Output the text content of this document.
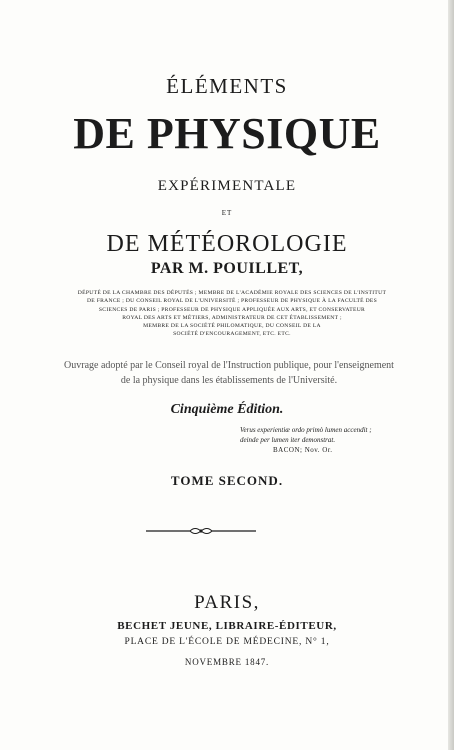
ÉLÉMENTS
DE PHYSIQUE
EXPÉRIMENTALE
ET
DE MÉTÉOROLOGIE
PAR M. POUILLET,
DÉPUTÉ DE LA CHAMBRE DES DÉPUTÉS ; MEMBRE DE L'ACADÉMIE ROYALE DES SCIENCES DE L'INSTITUT
DE FRANCE ; DU CONSEIL ROYAL DE L'UNIVERSITÉ ; PROFESSEUR DE PHYSIQUE À LA FACULTÉ DES
SCIENCES DE PARIS ; PROFESSEUR DE PHYSIQUE APPLIQUÉE AUX ARTS, ET CONSERVATEUR
ROYAL DES ARTS ET MÉTIERS, ADMINISTRATEUR DE CET ÉTABLISSEMENT ;
MEMBRE DE LA SOCIÉTÉ PHILOMATIQUE, DU CONSEIL DE LA
SOCIÉTÉ D'ENCOURAGEMENT, ETC. ETC.
Ouvrage adopté par le Conseil royal de l'Instruction publique, pour l'enseignement
de la physique dans les établissements de l'Université.
Cinquième Édition.
Verus experientiæ ordo primò lumen accendit ;
deinde per lumen iter demonstrat.
BACON; Nov. Or.
TOME SECOND.
PARIS,
BECHET JEUNE, LIBRAIRE-ÉDITEUR,
PLACE DE L'ÉCOLE DE MÉDECINE, N° 1,
NOVEMBRE 1847.
